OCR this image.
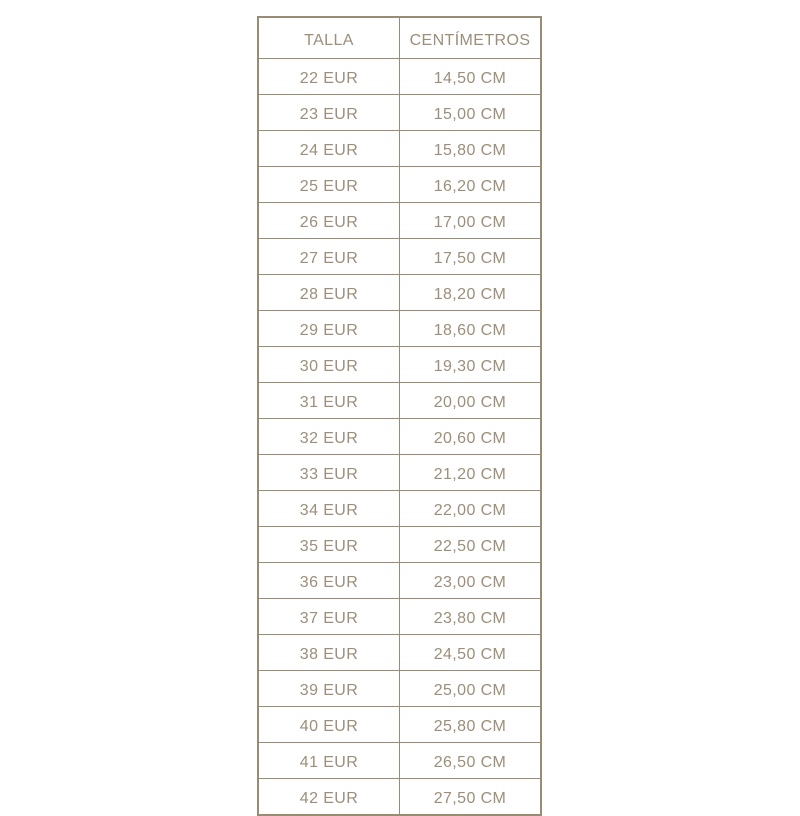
TALLA	CENTÍMETROS
22 EUR	14,50 CM
23 EUR	15,00 CM
24 EUR	15,80 CM
25 EUR	16,20 CM
26 EUR	17,00 CM
27 EUR	17,50 CM
28 EUR	18,20 CM
29 EUR	18,60 CM
30 EUR	19,30 CM
31 EUR	20,00 CM
32 EUR	20,60 CM
33 EUR	21,20 CM
34 EUR	22,00 CM
35 EUR	22,50 CM
36 EUR	23,00 CM
37 EUR	23,80 CM
38 EUR	24,50 CM
39 EUR	25,00 CM
40 EUR	25,80 CM
41 EUR	26,50 CM
42 EUR	27,50 CM
